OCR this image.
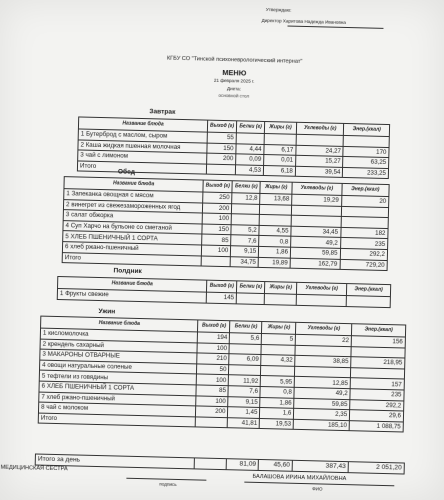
Утверждаю:
Директор Харитова Надежда Ивановна
КГБУ СО "Тинской психоневрологический интернат"
МЕНЮ
21 февраля 2025 г.
Диета:
основной стол
Завтрак
Название блюда	Выход (г)	Белки (г)	Жиры (г)	Углеводы (г)	Энер.(ккал)
1 Бутерброд с маслом, сыром	55				
2 Каша жидкая пшенная молочная	150	4,44	6,17	24,27	170
3 чай с лимоном	200	0,09	0,01	15,27	63,25
Итого		4,53	6,18	39,54	233,25
Обед
Название блюда	Выход (г)	Белки (г)	Жиры (г)	Углеводы (г)	Энер.(ккал)
1 Запеканка овощная с мясом	250	12,8	13,68	19,29	20
2 винегрет из свежезамороженных ягод	200				
3 салат обжорка	100				
4 Суп Харчо на бульоне со сметаной	150	5,2	4,55	34,45	182
5 ХЛЕБ ПШЕНИЧНЫЙ 1 СОРТА	85	7,6	0,8	49,2	235
6 хлеб ржано-пшеничный	100	9,15	1,86	59,85	292,2
Итого		34,75	19,89	162,79	729,20
Полдник
Название блюда	Выход (г)	Белки (г)	Жиры (г)	Углеводы (г)	Энер.(ккал)
1 Фрукты свежие	145				
Ужин
Название блюда	Выход (г)	Белки (г)	Жиры (г)	Углеводы (г)	Энер.(ккал)
1 кисломолочка	194	5,6	5	22	156
2 крендель сахарный	100				
3 МАКАРОНЫ ОТВАРНЫЕ	210	6,09	4,32	38,85	218,95
4 овощи натуральные соленые	50				
5 тефтели из говядины	100	11,92	5,95	12,85	157
6 ХЛЕБ ПШЕНИЧНЫЙ 1 СОРТА	85	7,6	0,8	49,2	235
7 хлеб ржано-пшеничный	100	9,15	1,86	59,85	292,2
8 чай с молоком	200	1,45	1,6	2,35	29,6
Итого		41,81	19,53	185,10	1 088,75
Итого за день		81,09	45,60	387,43	2 051,20
МЕДИЦИНСКАЯ СЕСТРА
подпись
БАЛАШОВА ИРИНА МИХАЙЛОВНА
ФИО
